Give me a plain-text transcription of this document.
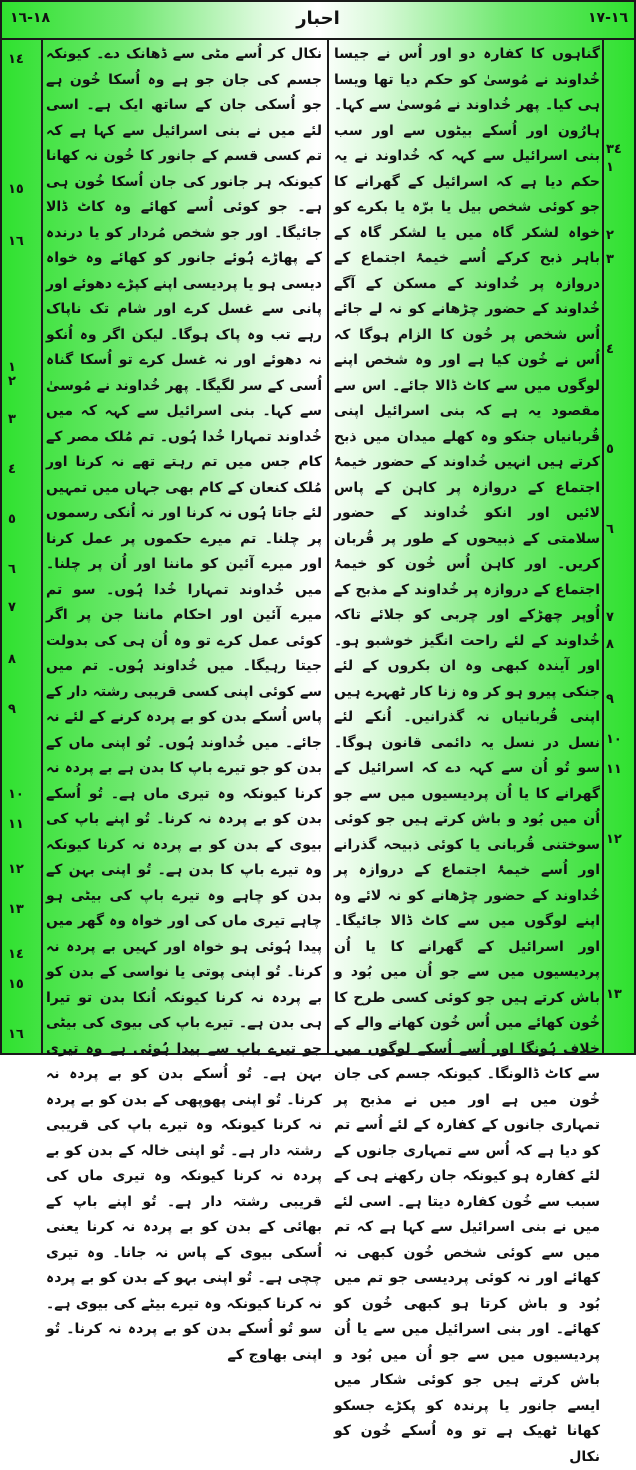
١٨-١٦	احبار	١٦-١٧
١٤
١٥
١٦
١
٢
٣
٤
٥
٦
٧
٨
٩
١٠
١١
١٢
١٣
١٤
١٥
١٦

نکال کر اُسے مٹی سے ڈھانک دے۔ کیونکہ جسم کی جان جو ہے وہ اُسکا خُون ہے جو اُسکی جان کے ساتھ ایک ہے۔ اسی لئے میں نے بنی اسرائیل سے کہا ہے کہ تم کسی قسم کے جانور کا خُون نہ کھانا کیونکہ ہر جانور کی جان اُسکا خُون ہی ہے۔ جو کوئی اُسے کھائے وہ کاٹ ڈالا جائیگا۔ اور جو شخص مُردار کو یا درندہ کے پھاڑے ہُوئے جانور کو کھائے وہ خواہ دیسی ہو یا پردیسی اپنے کپڑے دھوئے اور پانی سے غسل کرے اور شام تک ناپاک رہے تب وہ پاک ہوگا۔ لیکن اگر وہ اُنکو نہ دھوئے اور نہ غسل کرے تو اُسکا گناہ اُسی کے سر لگیگا۔ پھر خُداوند نے مُوسیٰ سے کہا۔ بنی اسرائیل سے کہہ کہ میں خُداوند تمہارا خُدا ہُوں۔ تم مُلک مصر کے کام جس میں تم رہتے تھے نہ کرنا اور مُلک کنعان کے کام بھی جہاں میں تمہیں لئے جاتا ہُوں نہ کرنا اور نہ اُنکی رسموں پر چلنا۔ تم میرے حکموں پر عمل کرنا اور میرے آئین کو ماننا اور اُن پر چلنا۔ میں خُداوند تمہارا خُدا ہُوں۔ سو تم میرے آئین اور احکام ماننا جن پر اگر کوئی عمل کرے تو وہ اُن ہی کی بدولت جیتا رہیگا۔ میں خُداوند ہُوں۔ تم میں سے کوئی اپنی کسی قریبی رشتہ دار کے پاس اُسکے بدن کو بے پردہ کرنے کے لئے نہ جائے۔ میں خُداوند ہُوں۔ تُو اپنی ماں کے بدن کو جو تیرے باپ کا بدن ہے بے پردہ نہ کرنا کیونکہ وہ تیری ماں ہے۔ تُو اُسکے بدن کو بے پردہ نہ کرنا۔ تُو اپنے باپ کی بیوی کے بدن کو بے پردہ نہ کرنا کیونکہ وہ تیرے باپ کا بدن ہے۔ تُو اپنی بہن کے بدن کو چاہے وہ تیرے باپ کی بیٹی ہو چاہے تیری ماں کی اور خواہ وہ گھر میں پیدا ہُوئی ہو خواہ اور کہیں بے پردہ نہ کرنا۔ تُو اپنی پوتی یا نواسی کے بدن کو بے پردہ نہ کرنا کیونکہ اُنکا بدن تو تیرا ہی بدن ہے۔ تیرے باپ کی بیوی کی بیٹی جو تیرے باپ سے پیدا ہُوئی ہے وہ تیری بہن ہے۔ تُو اُسکے بدن کو بے پردہ نہ کرنا۔ تُو اپنی پھوپھی کے بدن کو بے پردہ نہ کرنا کیونکہ وہ تیرے باپ کی قریبی رشتہ دار ہے۔ تُو اپنی خالہ کے بدن کو بے پردہ نہ کرنا کیونکہ وہ تیری ماں کی قریبی رشتہ دار ہے۔ تُو اپنے باپ کے بھائی کے بدن کو بے پردہ نہ کرنا یعنی اُسکی بیوی کے پاس نہ جانا۔ وہ تیری چچی ہے۔ تُو اپنی بہو کے بدن کو بے پردہ نہ کرنا کیونکہ وہ تیرے بیٹے کی بیوی ہے۔ سو تُو اُسکے بدن کو بے پردہ نہ کرنا۔ تُو اپنی بھاوج کے

گناہوں کا کفارہ دو اور اُس نے جیسا خُداوند نے مُوسیٰ کو حکم دیا تھا ویسا ہی کیا۔ پھر خُداوند نے مُوسیٰ سے کہا۔ ہارُون اور اُسکے بیٹوں سے اور سب بنی اسرائیل سے کہہ کہ خُداوند نے یہ حکم دیا ہے کہ اسرائیل کے گھرانے کا جو کوئی شخص بیل یا برّہ یا بکرے کو خواہ لشکر گاہ میں یا لشکر گاہ کے باہر ذبح کرکے اُسے خیمۂ اجتماع کے دروازہ پر خُداوند کے مسکن کے آگے خُداوند کے حضور چڑھانے کو نہ لے جائے اُس شخص پر خُون کا الزام ہوگا کہ اُس نے خُون کیا ہے اور وہ شخص اپنے لوگوں میں سے کاٹ ڈالا جائے۔ اس سے مقصود یہ ہے کہ بنی اسرائیل اپنی قُربانیاں جنکو وہ کھلے میدان میں ذبح کرتے ہیں انہیں خُداوند کے حضور خیمۂ اجتماع کے دروازہ پر کاہن کے پاس لائیں اور انکو خُداوند کے حضور سلامتی کے ذبیحوں کے طور پر قُربان کریں۔ اور کاہن اُس خُون کو خیمۂ اجتماع کے دروازہ پر خُداوند کے مذبح کے اُوپر چھڑکے اور چربی کو جلائے تاکہ خُداوند کے لئے راحت انگیز خوشبو ہو۔ اور آیندہ کبھی وہ ان بکروں کے لئے جنکی پیرو ہو کر وہ زنا کار ٹھہرے ہیں اپنی قُربانیاں نہ گذرانیں۔ اُنکے لئے نسل در نسل یہ دائمی قانون ہوگا۔ سو تُو اُن سے کہہ دے کہ اسرائیل کے گھرانے کا یا اُن پردیسیوں میں سے جو اُن میں بُود و باش کرتے ہیں جو کوئی سوختنی قُربانی یا کوئی ذبیحہ گذرانے اور اُسے خیمۂ اجتماع کے دروازہ پر خُداوند کے حضور چڑھانے کو نہ لائے وہ اپنے لوگوں میں سے کاٹ ڈالا جائیگا۔ اور اسرائیل کے گھرانے کا یا اُن پردیسیوں میں سے جو اُن میں بُود و باش کرتے ہیں جو کوئی کسی طرح کا خُون کھائے میں اُس خُون کھانے والے کے خلاف ہُونگا اور اُسے اُسکے لوگوں میں سے کاٹ ڈالونگا۔ کیونکہ جسم کی جان خُون میں ہے اور میں نے مذبح پر تمہاری جانوں کے کفارہ کے لئے اُسے تم کو دیا ہے کہ اُس سے تمہاری جانوں کے لئے کفارہ ہو کیونکہ جان رکھنے ہی کے سبب سے خُون کفارہ دیتا ہے۔ اسی لئے میں نے بنی اسرائیل سے کہا ہے کہ تم میں سے کوئی شخص خُون کبھی نہ کھائے اور نہ کوئی پردیسی جو تم میں بُود و باش کرتا ہو کبھی خُون کو کھائے۔ اور بنی اسرائیل میں سے یا اُن پردیسیوں میں سے جو اُن میں بُود و باش کرتے ہیں جو کوئی شکار میں ایسے جانور یا پرندہ کو پکڑے جسکو کھانا ٹھیک ہے تو وہ اُسکے خُون کو نکال

٣٤
١
٢
٣
٤
٥
٦
٧
٨
٩
١٠
١١
١٢
١٣
